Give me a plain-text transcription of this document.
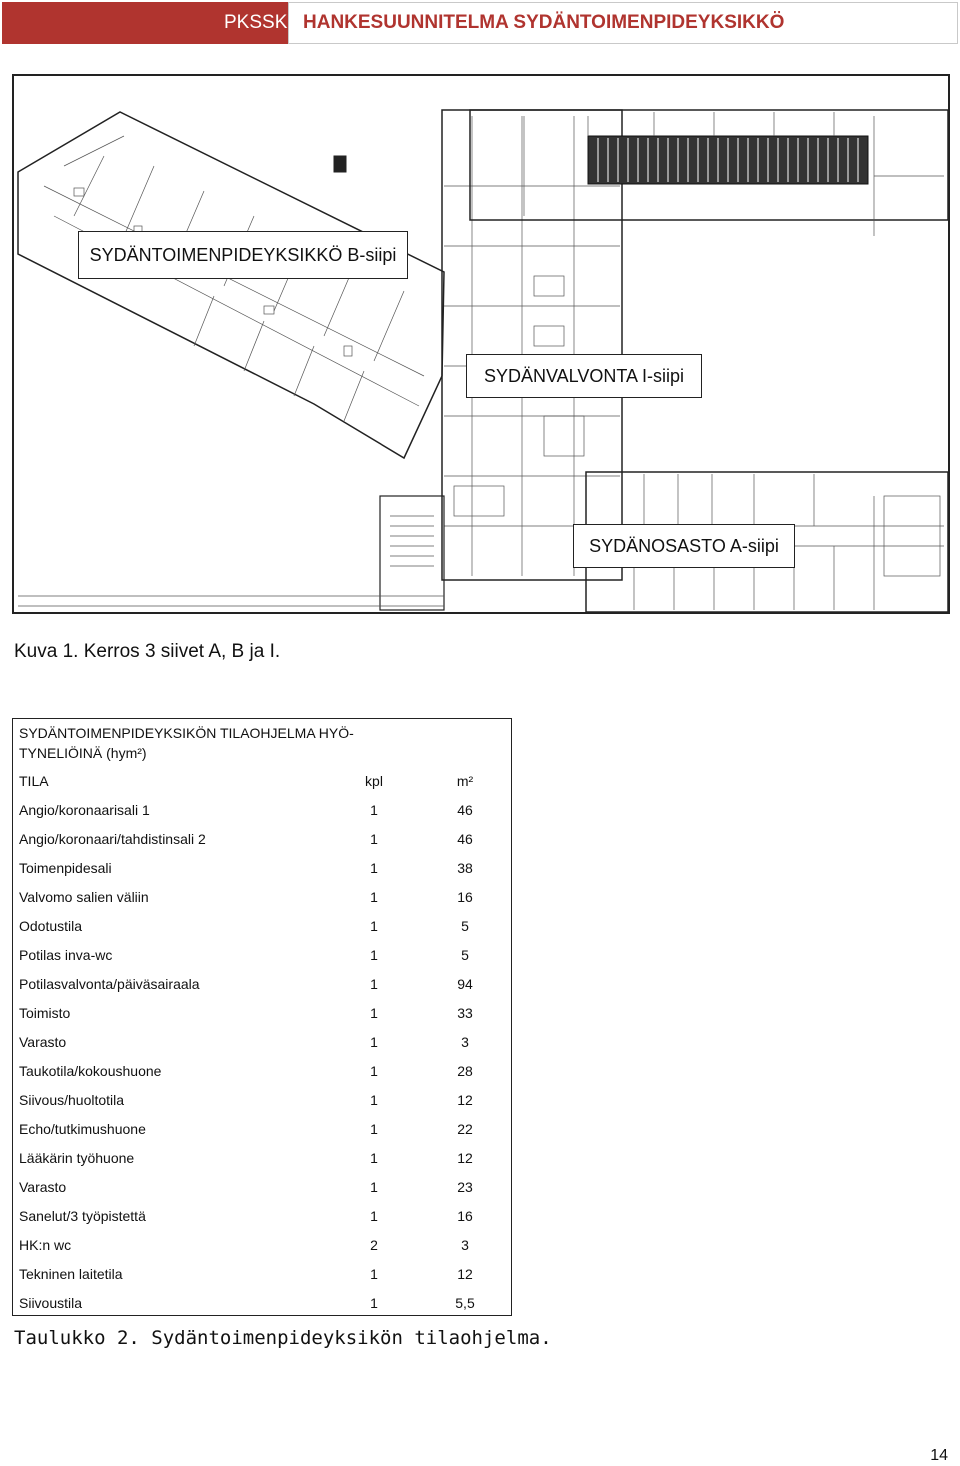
PKSSK HANKESUUNNITELMA SYDÄNTOIMENPIDEYKSIKKÖ
SYDÄNTOIMENPIDEYKSIKKÖ B-siipi
SYDÄNVALVONTA I-siipi
SYDÄNOSASTO A-siipi
Kuva 1. Kerros 3 siivet A, B ja I.
SYDÄNTOIMENPIDEYKSIKÖN TILAOHJELMA HYÖ-TYNELIÖINÄ (hym²)
TILA	kpl	m²
Angio/koronaarisali 1	1	46
Angio/koronaari/tahdistinsali 2	1	46
Toimenpidesali	1	38
Valvomo salien väliin	1	16
Odotustila	1	5
Potilas inva-wc	1	5
Potilasvalvonta/päiväsairaala	1	94
Toimisto	1	33
Varasto	1	3
Taukotila/kokoushuone	1	28
Siivous/huoltotila	1	12
Echo/tutkimushuone	1	22
Lääkärin työhuone	1	12
Varasto	1	23
Sanelut/3 työpistettä	1	16
HK:n wc	2	3
Tekninen laitetila	1	12
Siivoustila	1	5,5
Taulukko 2. Sydäntoimenpideyksikön tilaohjelma.
14
